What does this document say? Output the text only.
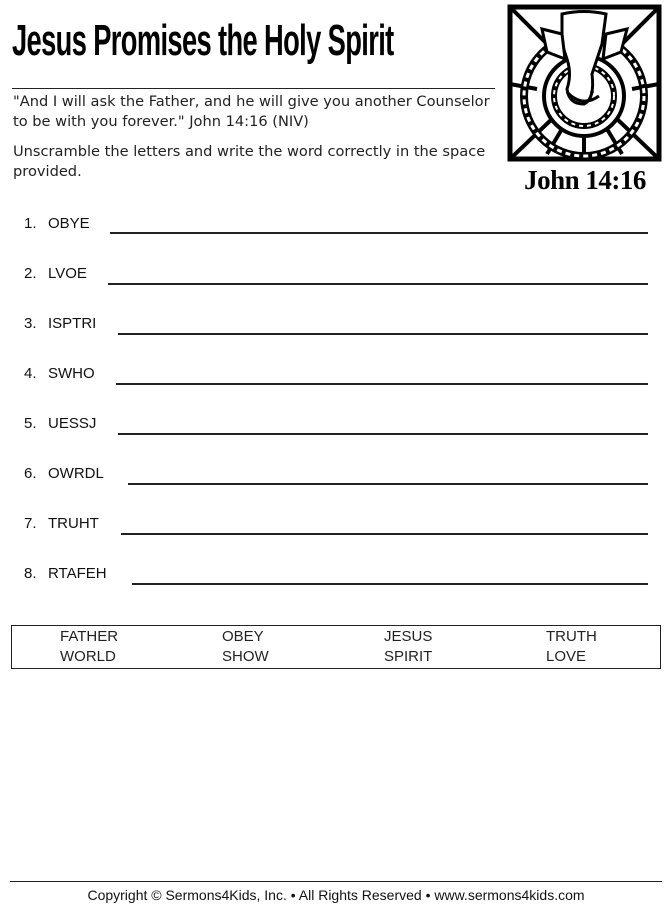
Jesus Promises the Holy Spirit
"And I will ask the Father, and he will give you another Counselor to be with you forever." John 14:16 (NIV)
Unscramble the letters and write the word correctly in the space provided.	John 14:16
1. OBYE
2. LVOE
3. ISPTRI
4. SWHO
5. UESSJ
6. OWRDL
7. TRUHT
8. RTAFEH
FATHER	OBEY	JESUS	TRUTH
WORLD	SHOW	SPIRIT	LOVE
Copyright © Sermons4Kids, Inc. • All Rights Reserved • www.sermons4kids.com
